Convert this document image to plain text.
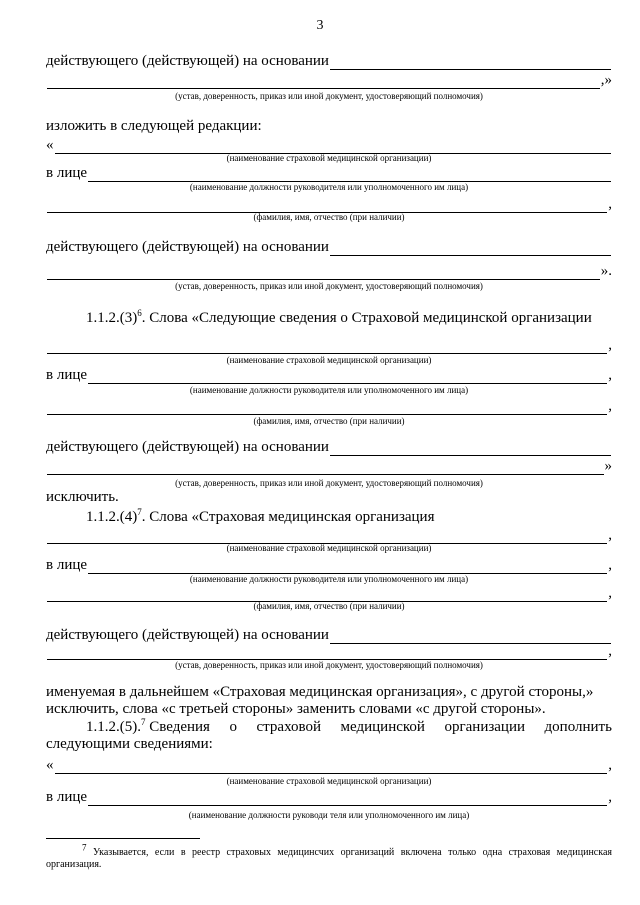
3
действующего (действующей) на основании
,»
(устав, доверенность, приказ или иной документ, удостоверяющий полномочия)
изложить в следующей редакции:
«
(наименование страховой медицинской организации)
в лице
(наименование должности руководителя или уполномоченного им лица)
,
(фамилия, имя, отчество (при наличии)
действующего (действующей) на основании
».
(устав, доверенность, приказ или иной документ, удостоверяющий полномочия)
$1.1.2.(3)^6$. Слова «Следующие сведения о Страховой медицинской организации
,
(наименование страховой медицинской организации)
в лице	,
(наименование должности руководителя или уполномоченного им лица)
,
(фамилия, имя, отчество (при наличии)
действующего (действующей) на основании
»
(устав, доверенность, приказ или иной документ, удостоверяющий полномочия)
исключить.
$1.1.2.(4)^7$. Слова «Страховая медицинская организация
,
(наименование страховой медицинской организации)
в лице	,
(наименование должности руководителя или уполномоченного им лица)
,
(фамилия, имя, отчество (при наличии)
действующего (действующей) на основании
,
(устав, доверенность, приказ или иной документ, удостоверяющий полномочия)
именуемая в дальнейшем «Страховая медицинская организация», с другой стороны,»
исключить, слова «с третьей стороны» заменить словами «с другой стороны».
1.1.2.(5).$^7$ Сведения о страховой медицинской организации дополнить
следующими сведениями:
«	,
(наименование страховой медицинской организации)
в лице	,
(наименование должности руководи теля или уполномоченного им лица)

$^7$ Указывается, если в реестр страховых медицинсчих организаций включена только одна страховая медицинская организация.
